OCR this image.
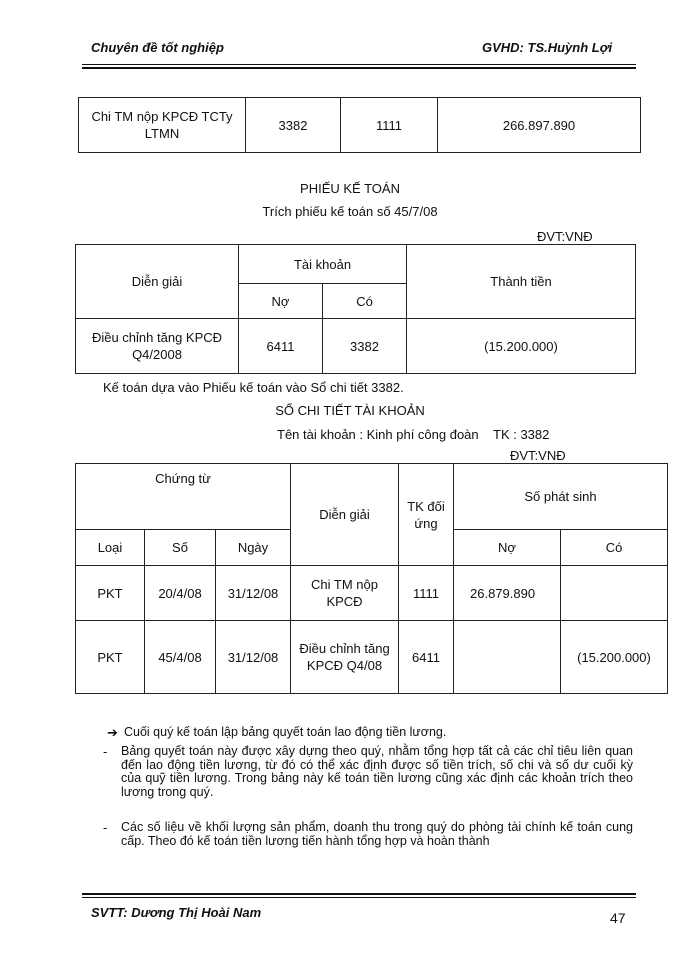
Chuyên đề tốt nghiệp	GVHD: TS.Huỳnh Lợi
Chi TM nộp KPCĐ TCTy LTMN	3382	1111	266.897.890
PHIẾU KẾ TOÁN
Trích phiếu kế toán số 45/7/08
ĐVT:VNĐ
Diễn giải	Tài khoản		Thành tiền
	Nợ	Có	
Điều chỉnh tăng KPCĐ Q4/2008	6411	3382	(15.200.000)
Kế toán dựa vào Phiếu kế toán vào Sổ chi tiết 3382.
SỔ CHI TIẾT TÀI KHOẢN
Tên tài khoản : Kinh phí công đoàn TK : 3382
ĐVT:VNĐ
Chứng từ			Diễn giải	TK đối ứng	Số phát sinh	
Loại	Số	Ngày			Nợ	Có
PKT	20/4/08	31/12/08	Chi TM nộp KPCĐ	1111	26.879.890	
PKT	45/4/08	31/12/08	Điều chỉnh tăng KPCĐ Q4/08	6411		(15.200.000)
➔ Cuối quý kế toán lập bảng quyết toán lao động tiền lương.
- Bảng quyết toán này được xây dựng theo quý, nhằm tổng hợp tất cả các chỉ tiêu liên quan đến lao động tiền lương, từ đó có thể xác định được số tiền trích, số chi và số dư cuối kỳ của quỹ tiền lương. Trong bảng này kế toán tiền lương cũng xác định các khoản trích theo lương trong quý.
- Các số liệu về khối lượng sản phẩm, doanh thu trong quý do phòng tài chính kế toán cung cấp. Theo đó kế toán tiền lương tiến hành tổng hợp và hoàn thành
SVTT: Dương Thị Hoài Nam	47
